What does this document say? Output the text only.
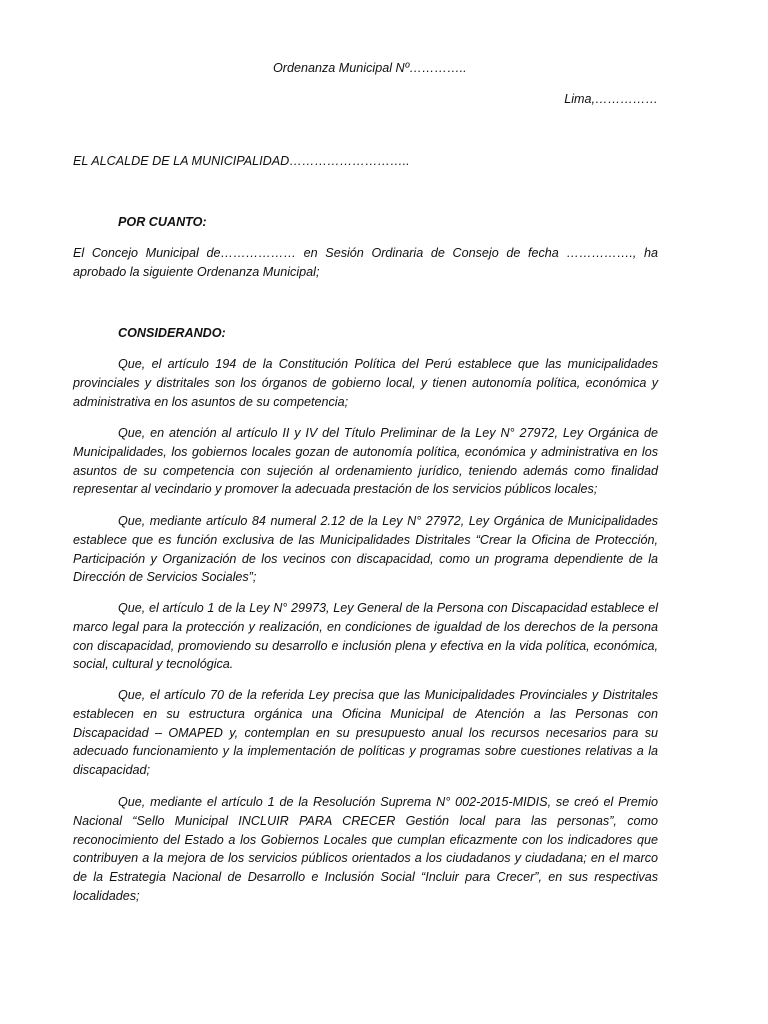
Ordenanza Municipal Nº…………..
Lima,……………
EL ALCALDE DE LA MUNICIPALIDAD………………………..
POR CUANTO:

El Concejo Municipal de……………… en Sesión Ordinaria de Consejo de fecha ……………., ha aprobado la siguiente Ordenanza Municipal;

CONSIDERANDO:

Que, el artículo 194 de la Constitución Política del Perú establece que las municipalidades provinciales y distritales son los órganos de gobierno local, y tienen autonomía política, económica y administrativa en los asuntos de su competencia;

Que, en atención al artículo II y IV del Título Preliminar de la Ley N° 27972, Ley Orgánica de Municipalidades, los gobiernos locales gozan de autonomía política, económica y administrativa en los asuntos de su competencia con sujeción al ordenamiento jurídico, teniendo además como finalidad representar al vecindario y promover la adecuada prestación de los servicios públicos locales;

Que, mediante artículo 84 numeral 2.12 de la Ley N° 27972, Ley Orgánica de Municipalidades establece que es función exclusiva de las Municipalidades Distritales “Crear la Oficina de Protección, Participación y Organización de los vecinos con discapacidad, como un programa dependiente de la Dirección de Servicios Sociales”;

Que, el artículo 1 de la Ley N° 29973, Ley General de la Persona con Discapacidad establece el marco legal para la protección y realización, en condiciones de igualdad de los derechos de la persona con discapacidad, promoviendo su desarrollo e inclusión plena y efectiva en la vida política, económica, social, cultural y tecnológica.

Que, el artículo 70 de la referida Ley precisa que las Municipalidades Provinciales y Distritales establecen en su estructura orgánica una Oficina Municipal de Atención a las Personas con Discapacidad – OMAPED y, contemplan en su presupuesto anual los recursos necesarios para su adecuado funcionamiento y la implementación de políticas y programas sobre cuestiones relativas a la discapacidad;

Que, mediante el artículo 1 de la Resolución Suprema N° 002-2015-MIDIS, se creó el Premio Nacional “Sello Municipal INCLUIR PARA CRECER Gestión local para las personas”, como reconocimiento del Estado a los Gobiernos Locales que cumplan eficazmente con los indicadores que contribuyen a la mejora de los servicios públicos orientados a los ciudadanos y ciudadana; en el marco de la Estrategia Nacional de Desarrollo e Inclusión Social “Incluir para Crecer”, en sus respectivas localidades;
